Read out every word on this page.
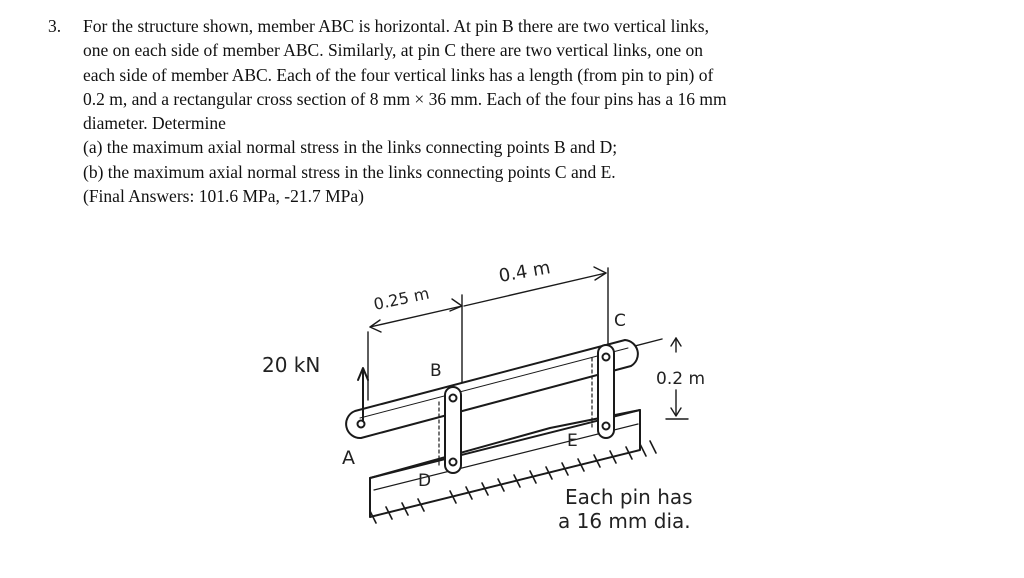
3. For the structure shown, member ABC is horizontal. At pin B there are two vertical links,
one on each side of member ABC. Similarly, at pin C there are two vertical links, one on
each side of member ABC. Each of the four vertical links has a length (from pin to pin) of
0.2 m, and a rectangular cross section of 8 mm × 36 mm. Each of the four pins has a 16 mm
diameter. Determine
(a) the maximum axial normal stress in the links connecting points B and D;
(b) the maximum axial normal stress in the links connecting points C and E.
(Final Answers: 101.6 MPa, -21.7 MPa)
20 kN
0.25 m
0.4 m
0.2 m
A
B
C
D
E
Each pin has
a 16 mm dia.
